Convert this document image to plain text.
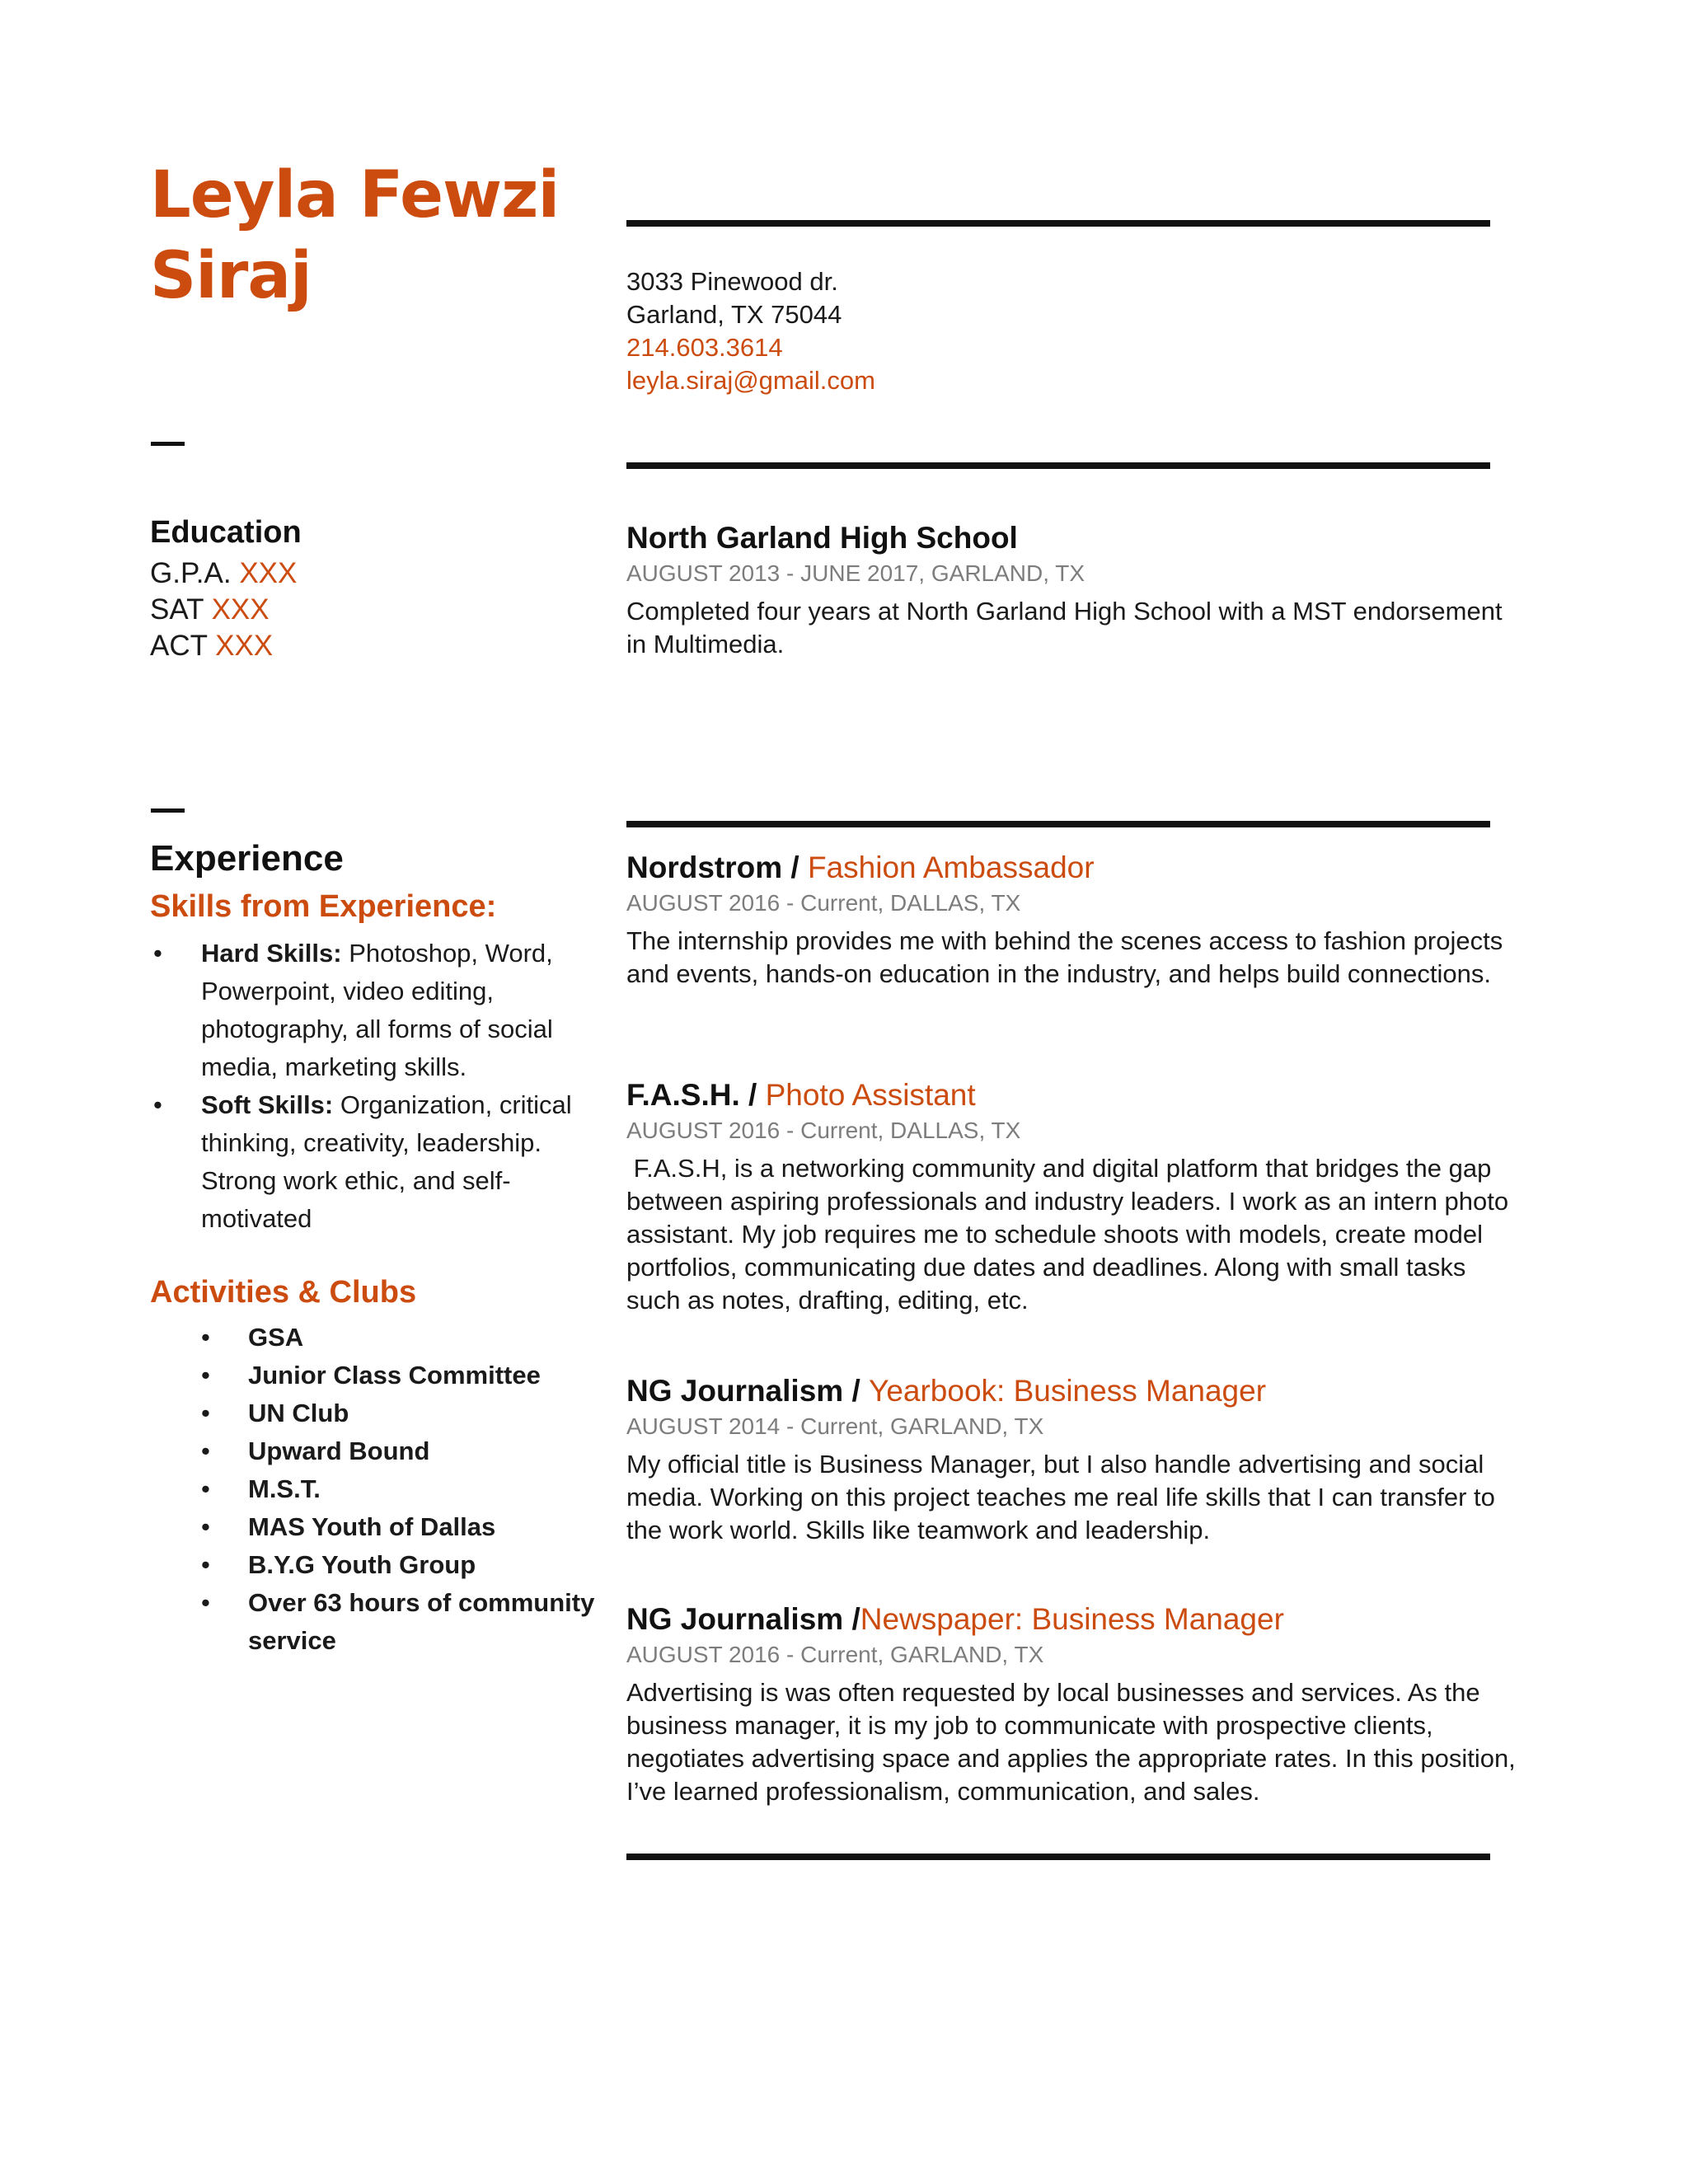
Leyla Fewzi
Siraj	3033 Pinewood dr.
Garland, TX 75044
214.603.3614
leyla.siraj@gmail.com
Education
G.P.A. XXX
SAT XXX
ACT XXX
North Garland High School
AUGUST 2013 - JUNE 2017, GARLAND, TX
Completed four years at North Garland High School with a MST endorsement in Multimedia.
Experience
Skills from Experience:
• Hard Skills: Photoshop, Word, Powerpoint, video editing, photography, all forms of social media, marketing skills.
• Soft Skills: Organization, critical thinking, creativity, leadership. Strong work ethic, and self-motivated
Activities & Clubs
• GSA
• Junior Class Committee
• UN Club
• Upward Bound
• M.S.T.
• MAS Youth of Dallas
• B.Y.G Youth Group
• Over 63 hours of community service
Nordstrom / Fashion Ambassador
AUGUST 2016 - Current, DALLAS, TX
The internship provides me with behind the scenes access to fashion projects and events, hands-on education in the industry, and helps build connections.
F.A.S.H. / Photo Assistant
AUGUST 2016 - Current, DALLAS, TX
F.A.S.H, is a networking community and digital platform that bridges the gap between aspiring professionals and industry leaders. I work as an intern photo assistant. My job requires me to schedule shoots with models, create model portfolios, communicating due dates and deadlines. Along with small tasks such as notes, drafting, editing, etc.
NG Journalism / Yearbook: Business Manager
AUGUST 2014 - Current, GARLAND, TX
My official title is Business Manager, but I also handle advertising and social media. Working on this project teaches me real life skills that I can transfer to the work world. Skills like teamwork and leadership.
NG Journalism /Newspaper: Business Manager
AUGUST 2016 - Current, GARLAND, TX
Advertising is was often requested by local businesses and services. As the business manager, it is my job to communicate with prospective clients, negotiates advertising space and applies the appropriate rates. In this position, I’ve learned professionalism, communication, and sales.
